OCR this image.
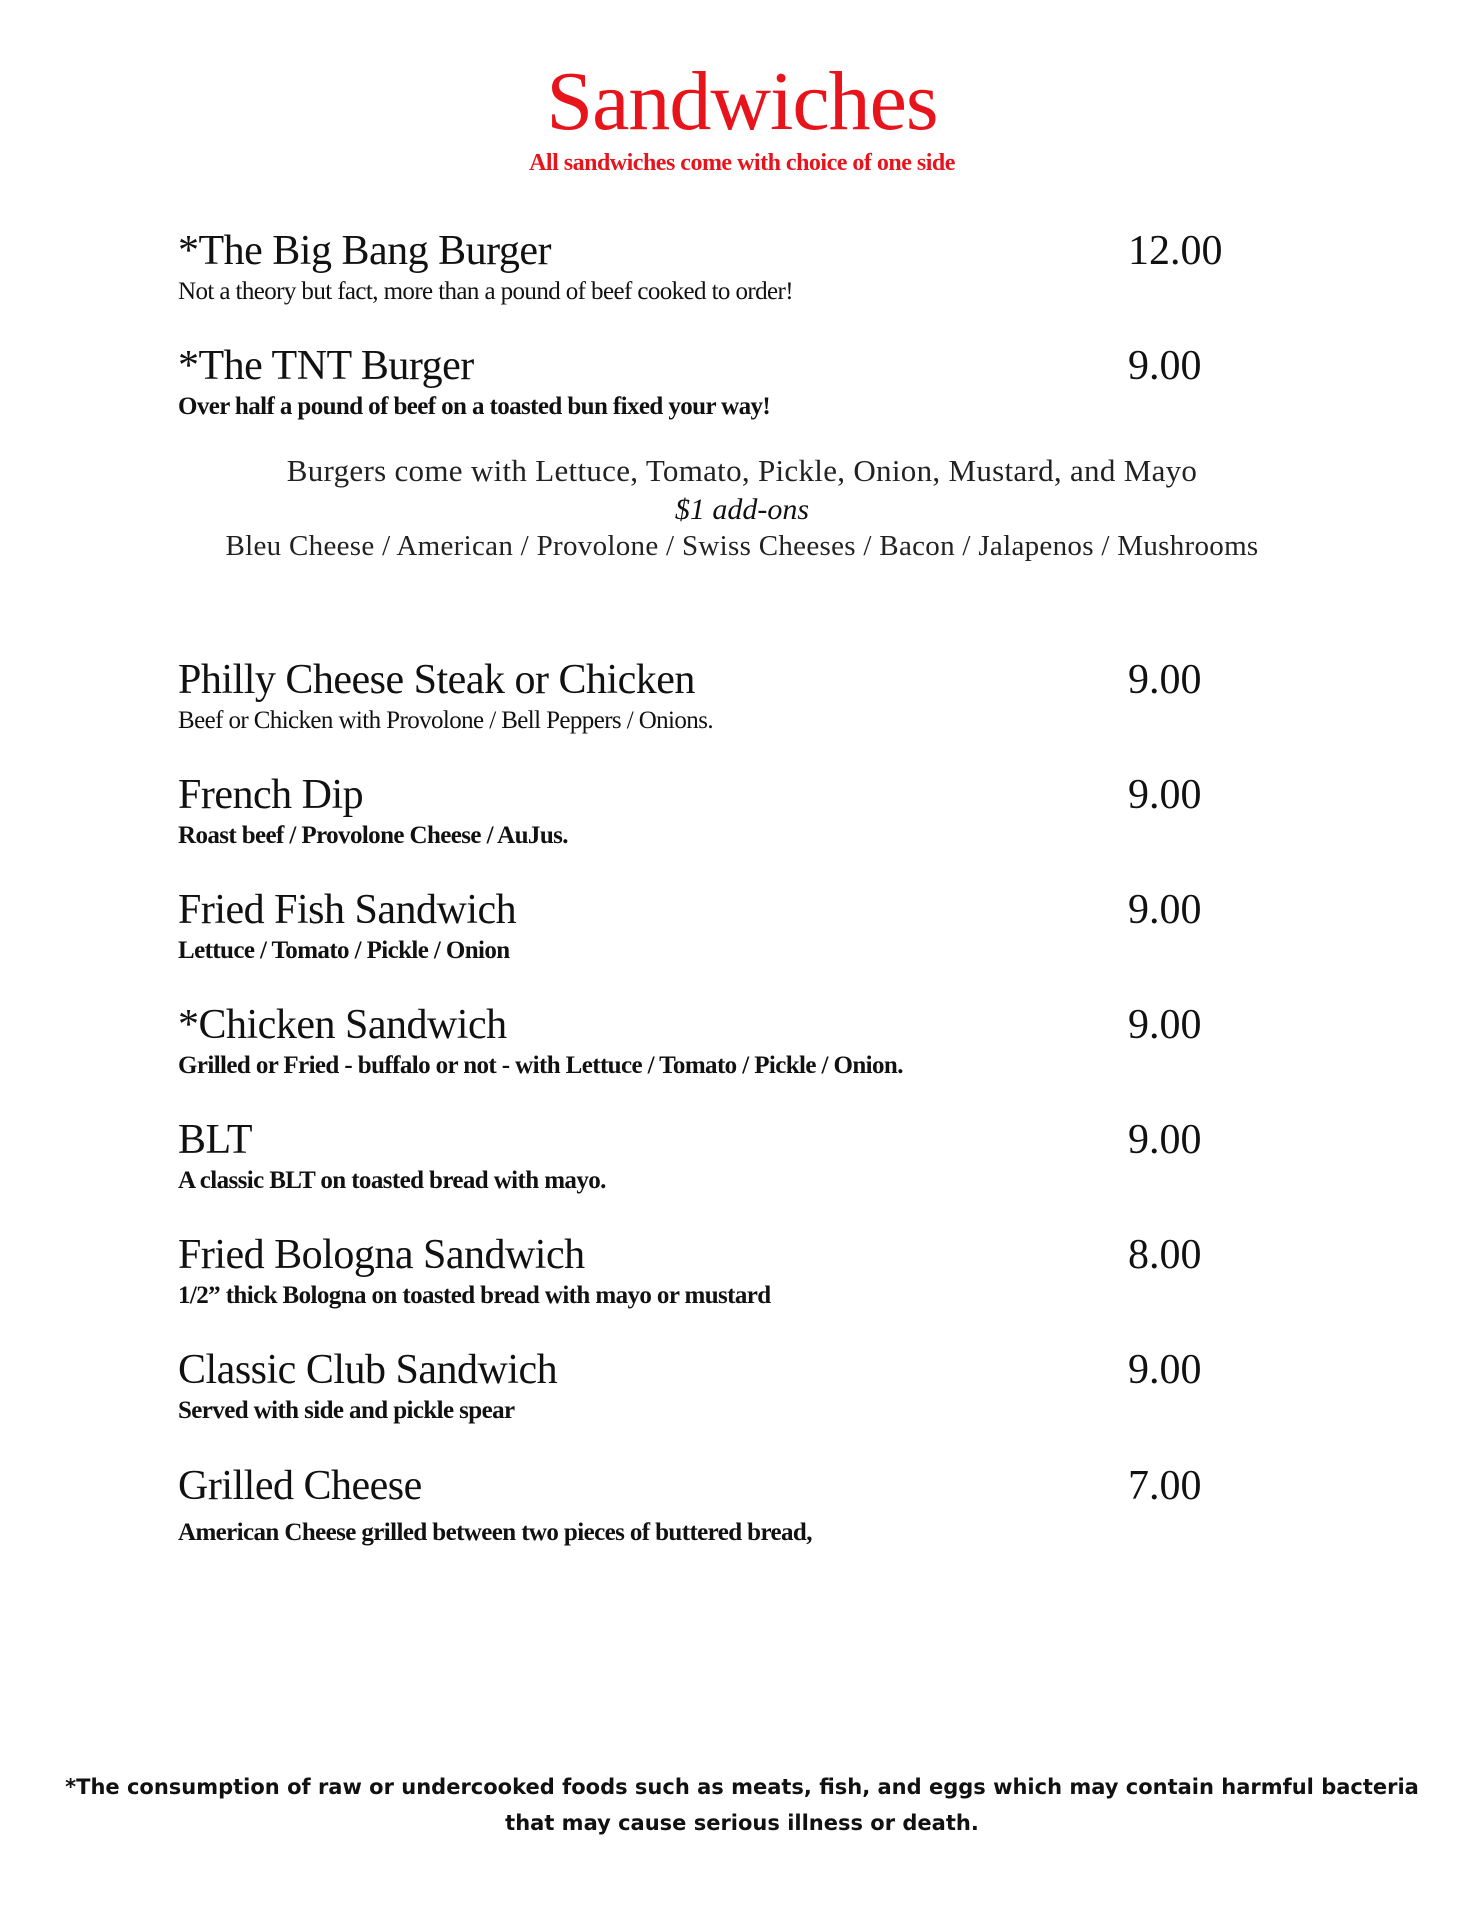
Sandwiches
All sandwiches come with choice of one side
*The Big Bang Burger	12.00
Not a theory but fact, more than a pound of beef cooked to order!
*The TNT Burger	9.00
Over half a pound of beef on a toasted bun fixed your way!
Burgers come with Lettuce, Tomato, Pickle, Onion, Mustard, and Mayo
$1 add-ons
Bleu Cheese / American / Provolone / Swiss Cheeses / Bacon / Jalapenos / Mushrooms
Philly Cheese Steak or Chicken	9.00
Beef or Chicken with Provolone / Bell Peppers / Onions.
French Dip	9.00
Roast beef / Provolone Cheese / AuJus.
Fried Fish Sandwich	9.00
Lettuce / Tomato / Pickle / Onion
*Chicken Sandwich	9.00
Grilled or Fried - buffalo or not - with Lettuce / Tomato / Pickle / Onion.
BLT	9.00
A classic BLT on toasted bread with mayo.
Fried Bologna Sandwich	8.00
1/2” thick Bologna on toasted bread with mayo or mustard
Classic Club Sandwich	9.00
Served with side and pickle spear
Grilled Cheese	7.00
American Cheese grilled between two pieces of buttered bread,
*The consumption of raw or undercooked foods such as meats, fish, and eggs which may contain harmful bacteria
that may cause serious illness or death.
